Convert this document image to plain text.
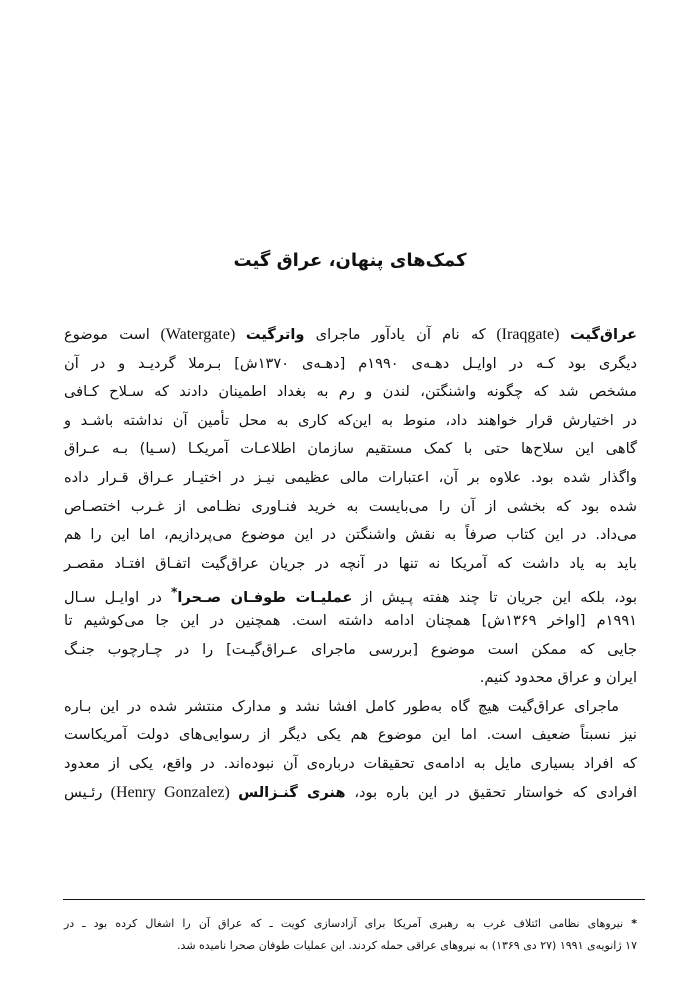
کمک‌های پنهان، عراق گیت
عراق‌گیت (Iraqgate) که نام آن یادآور ماجرای واترگیت (Watergate) است موضوع
دیگری بود کـه در اوایـل دهـه‌ی ۱۹۹۰م [دهـه‌ی ۱۳۷۰ش] بـرملا گردیـد و در آن
مشخص شد که چگونه واشنگتن، لندن و رم به بغداد اطمینان دادند که سـلاح کـافی
در اختیارش قرار خواهند داد، منوط به این‌که کاری به محل تأمین آن نداشته باشـد و
گاهی این سلاح‌ها حتی با کمک مستقیم سازمان اطلاعـات آمریکـا (سـیا) بـه عـراق
واگذار شده بود. علاوه بر آن، اعتبارات مالی عظیمی نیـز در اختیـار عـراق قـرار داده
شده بود که بخشی از آن را می‌بایست به خرید فنـاوری نظـامی از غـرب اختصـاص
می‌داد. در این کتاب صرفاً به نقش واشنگتن در این موضوع می‌پردازیم، اما این را هم
باید به یاد داشت که آمریکا نه تنها در آنچه در جریان عراق‌گیت اتفـاق افتـاد مقصـر
بود، بلکه این جریان تا چند هفته پـیش از عملیـات طوفـان صـحرا* در اوایـل سـال
۱۹۹۱م [اواخر ۱۳۶۹ش] همچنان ادامه داشته است. همچنین در این جا می‌کوشیم تا
جایی که ممکن است موضوع [بررسی ماجرای عـراق‌گیـت] را در چـارچوب جنـگ
ایران و عراق محدود کنیم.
ماجرای عراق‌گیت هیچ گاه به‌طور کامل افشا نشد و مدارک منتشر شده در این بـاره
نیز نسبتاً ضعیف است. اما این موضوع هم یکی دیگر از رسوایی‌های دولت آمریکاست
که افراد بسیاری مایل به ادامه‌ی تحقیقات درباره‌ی آن نبوده‌اند. در واقع، یکی از معدود
افرادی که خواستار تحقیق در این باره بود، هنری گنـزالس (Henry Gonzalez) رئـیس
* نیروهای نظامی ائتلاف غرب به رهبری آمریکا برای آزادسازی کویت ـ که عراق آن را اشغال کرده بود ـ در
۱۷ ژانویه‌ی ۱۹۹۱ (۲۷ دی ۱۳۶۹) به نیروهای عراقی حمله کردند. این عملیات طوفان صحرا نامیده شد.
